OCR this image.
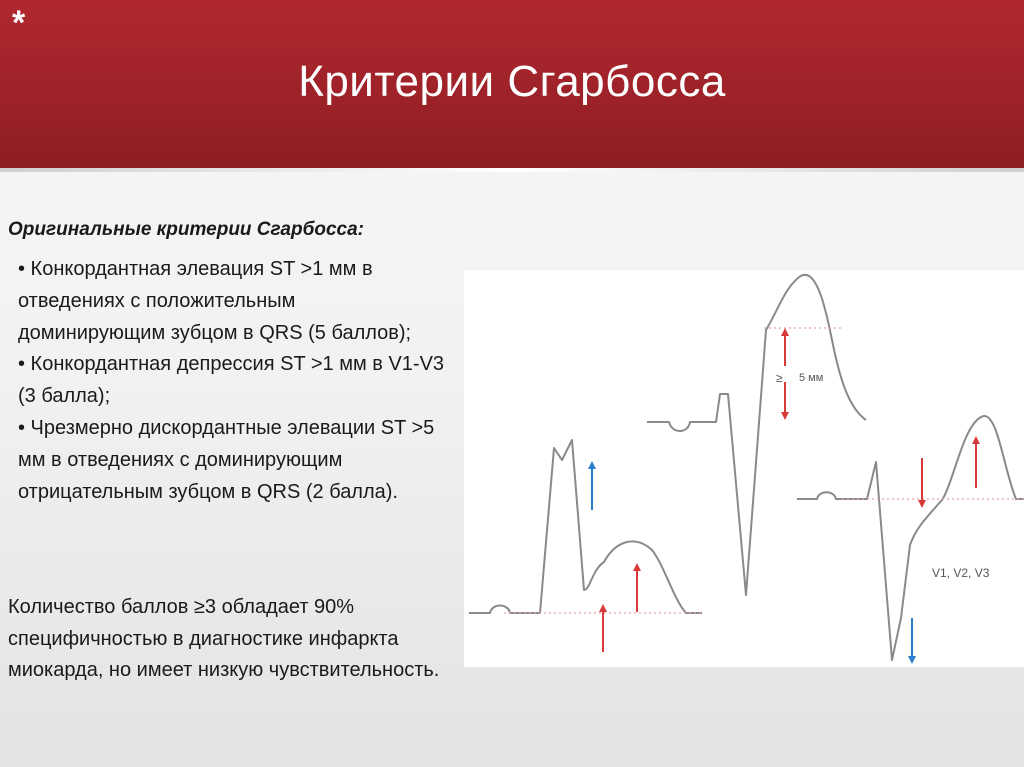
*
Критерии Сгарбосса
Оригинальные критерии Сгарбосса:
• Конкордантная элевация ST >1 мм в отведениях с положительным доминирующим зубцом в QRS (5 баллов);
• Конкордантная депрессия ST >1 мм в V1-V3 (3 балла);
• Чрезмерно дискордантные элевации ST >5 мм в отведениях с доминирующим отрицательным зубцом в QRS (2 балла).

Количество баллов ≥3 обладает 90% специфичностью в диагностике инфаркта миокарда, но имеет низкую чувствительность.

≥ 5 мм
V1, V2, V3
